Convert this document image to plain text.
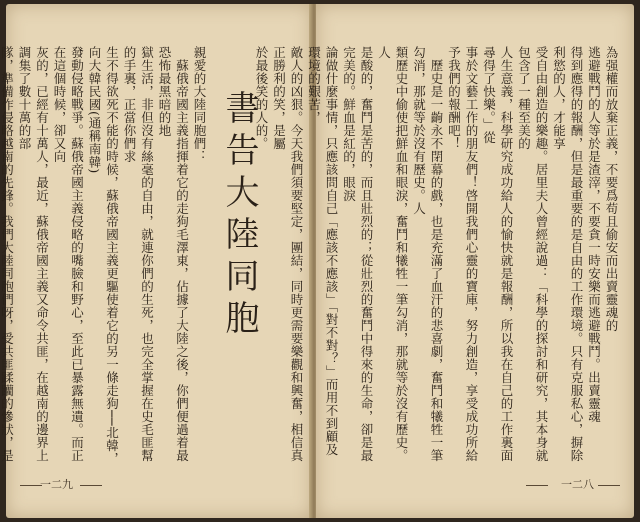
親愛的大陸同胞們：
　蘇俄帝國主義指揮着它的走狗毛澤東，佔據了大陸之後，你們便過着最恐怖最黑暗的地
獄生活，非但沒有絲毫的自由，就連你們的生死，也完全掌握在史毛匪幫的手裏，正當你們求
生不得欲死不能的時候，蘇俄帝國主義更驅使着它的另一條走狗──北韓，向大韓民國(通稱南韓)
發動侵略戰爭。蘇俄帝國主義侵略的嘴臉和野心，至此已暴露無遺。而正在這個時候，卻又向
灰的，已經有十萬人，最近，蘇俄帝國主義又命令共匪，在越南的邊界上調集了數十萬的部
隊，準備作侵略越南的先鋒。我們大陸同胞們呀，受共匪蹂躪的慘狀，是

書告大陸同胞
一二九
為强權而放棄正義，不要爲苟且偷安而出賣靈魂的
逃避戰鬥的人等於是渣滓，不要貪一時安樂而逃避戰鬥。出賣靈魂
得到應得的報酬，但是最重要的是自由的工作環境。只有克服私心，摒除利慾的人，才能享
受自由創造的樂趣。居里夫人曾經說過：「科學的探討和研究，其本身就包含了一種至美的
人生意義，科學研究成功給人的愉快就是報酬，所以我在自己的工作裏面尋得了快樂。」從
事於文藝工作的朋友們！啓開我們心靈的寶庫，努力創造，享受成功所給予我們的報酬吧！
　歷史是一齣永不閉幕的戲，也是充滿了血汗的悲喜劇，奮鬥和犧牲一筆勾消，那就等於沒有歷史。人
類歷史中偷使把鮮血和眼淚，奮鬥和犧牲一筆勾消，那就等於沒有歷史。人
是酸的，奮鬥是苦的，而且壯烈的；從壯烈的奮鬥中得來的生命，卻是最完美的。鮮血是紅的，眼淚
論做什麼事情，只應該問自己「應該不應該」「對不對？」而用不到顧及環境的艱苦，
敵人的凶狠。今天我們須要堅定，團結，同時更需要樂觀和興奮，相信真正勝利的笑，是屬
於最後笑的人的。
一二八
